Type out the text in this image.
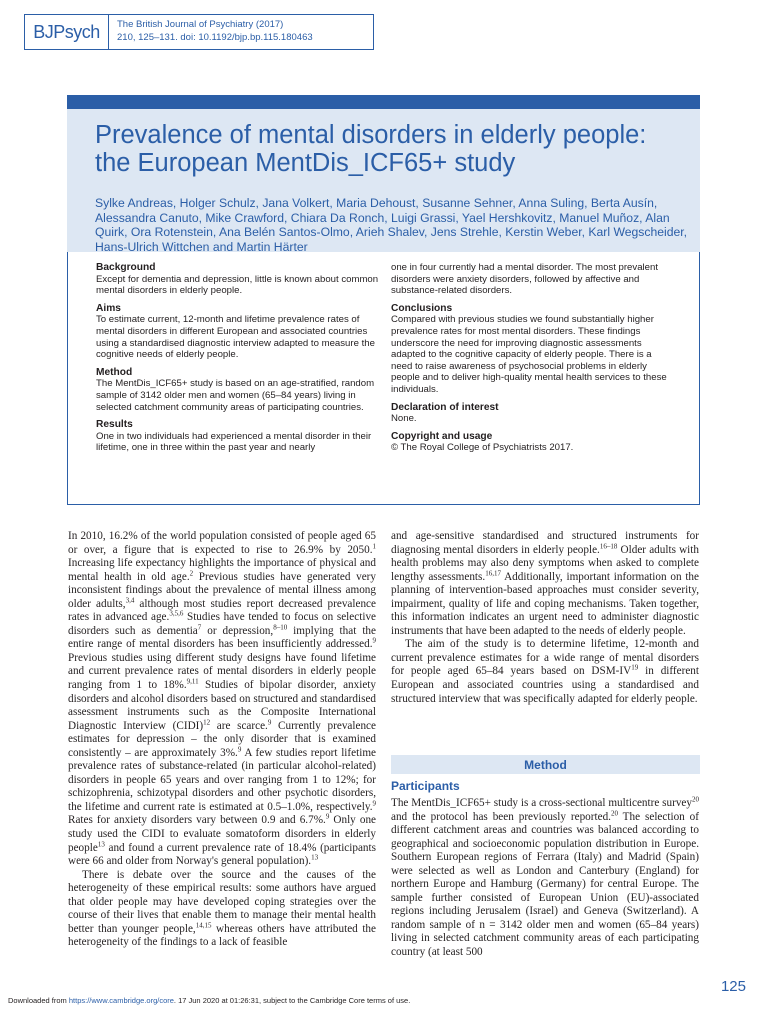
BJPsych The British Journal of Psychiatry (2017)
210, 125–131. doi: 10.1192/bjp.bp.115.180463
Prevalence of mental disorders in elderly people: the European MentDis_ICF65+ study
Sylke Andreas, Holger Schulz, Jana Volkert, Maria Dehoust, Susanne Sehner, Anna Suling, Berta Ausín, Alessandra Canuto, Mike Crawford, Chiara Da Ronch, Luigi Grassi, Yael Hershkovitz, Manuel Muñoz, Alan Quirk, Ora Rotenstein, Ana Belén Santos-Olmo, Arieh Shalev, Jens Strehle, Kerstin Weber, Karl Wegscheider, Hans-Ulrich Wittchen and Martin Härter
Background
Except for dementia and depression, little is known about common mental disorders in elderly people.
Aims
To estimate current, 12-month and lifetime prevalence rates of mental disorders in different European and associated countries using a standardised diagnostic interview adapted to measure the cognitive needs of elderly people.
Method
The MentDis_ICF65+ study is based on an age-stratified, random sample of 3142 older men and women (65–84 years) living in selected catchment community areas of participating countries.
Results
One in two individuals had experienced a mental disorder in their lifetime, one in three within the past year and nearly
one in four currently had a mental disorder. The most prevalent disorders were anxiety disorders, followed by affective and substance-related disorders.
Conclusions
Compared with previous studies we found substantially higher prevalence rates for most mental disorders. These findings underscore the need for improving diagnostic assessments adapted to the cognitive capacity of elderly people. There is a need to raise awareness of psychosocial problems in elderly people and to deliver high-quality mental health services to these individuals.
Declaration of interest
None.
Copyright and usage
© The Royal College of Psychiatrists 2017.

In 2010, 16.2% of the world population consisted of people aged 65 or over, a figure that is expected to rise to 26.9% by 2050.$^1$ Increasing life expectancy highlights the importance of physical and mental health in old age.$^2$ Previous studies have generated very inconsistent findings about the prevalence of mental illness among older adults,$^{3,4}$ although most studies report decreased prevalence rates in advanced age.$^{3,5,6}$ Studies have tended to focus on selective disorders such as dementia$^7$ or depression,$^{8-10}$ implying that the entire range of mental disorders has been insufficiently addressed.$^9$ Previous studies using different study designs have found lifetime and current prevalence rates of mental disorders in elderly people ranging from 1 to 18%.$^{9,11}$ Studies of bipolar disorder, anxiety disorders and alcohol disorders based on structured and standardised assessment instruments such as the Composite International Diagnostic Interview (CIDI)$^{12}$ are scarce.$^9$ Currently prevalence estimates for depression – the only disorder that is examined consistently – are approximately 3%.$^9$ A few studies report lifetime prevalence rates of substance-related (in particular alcohol-related) disorders in people 65 years and over ranging from 1 to 12%; for schizophrenia, schizotypal disorders and other psychotic disorders, the lifetime and current rate is estimated at 0.5–1.0%, respectively.$^9$ Rates for anxiety disorders vary between 0.9 and 6.7%.$^9$ Only one study used the CIDI to evaluate somatoform disorders in elderly people$^{13}$ and found a current prevalence rate of 18.4% (participants were 66 and older from Norway's general population).$^{13}$

There is debate over the source and the causes of the heterogeneity of these empirical results: some authors have argued that older people may have developed coping strategies over the course of their lives that enable them to manage their mental health better than younger people,$^{14,15}$ whereas others have attributed the heterogeneity of the findings to a lack of feasible

and age-sensitive standardised and structured instruments for diagnosing mental disorders in elderly people.$^{16-18}$ Older adults with health problems may also deny symptoms when asked to complete lengthy assessments.$^{16,17}$ Additionally, important information on the planning of intervention-based approaches must consider severity, impairment, quality of life and coping mechanisms. Taken together, this information indicates an urgent need to administer diagnostic instruments that have been adapted to the needs of elderly people.

The aim of the study is to determine lifetime, 12-month and current prevalence estimates for a wide range of mental disorders for people aged 65–84 years based on DSM-IV$^{19}$ in different European and associated countries using a standardised and structured interview that was specifically adapted for elderly people.

Method
Participants

The MentDis_ICF65+ study is a cross-sectional multicentre survey$^{20}$ and the protocol has been previously reported.$^{20}$ The selection of different catchment areas and countries was balanced according to geographical and socioeconomic population distribution in Europe. Southern European regions of Ferrara (Italy) and Madrid (Spain) were selected as well as London and Canterbury (England) for northern Europe and Hamburg (Germany) for central Europe. The sample further consisted of European Union (EU)-associated regions including Jerusalem (Israel) and Geneva (Switzerland). A random sample of n = 3142 older men and women (65–84 years) living in selected catchment community areas of each participating country (at least 500

125
Downloaded from https://www.cambridge.org/core. 17 Jun 2020 at 01:26:31, subject to the Cambridge Core terms of use.
